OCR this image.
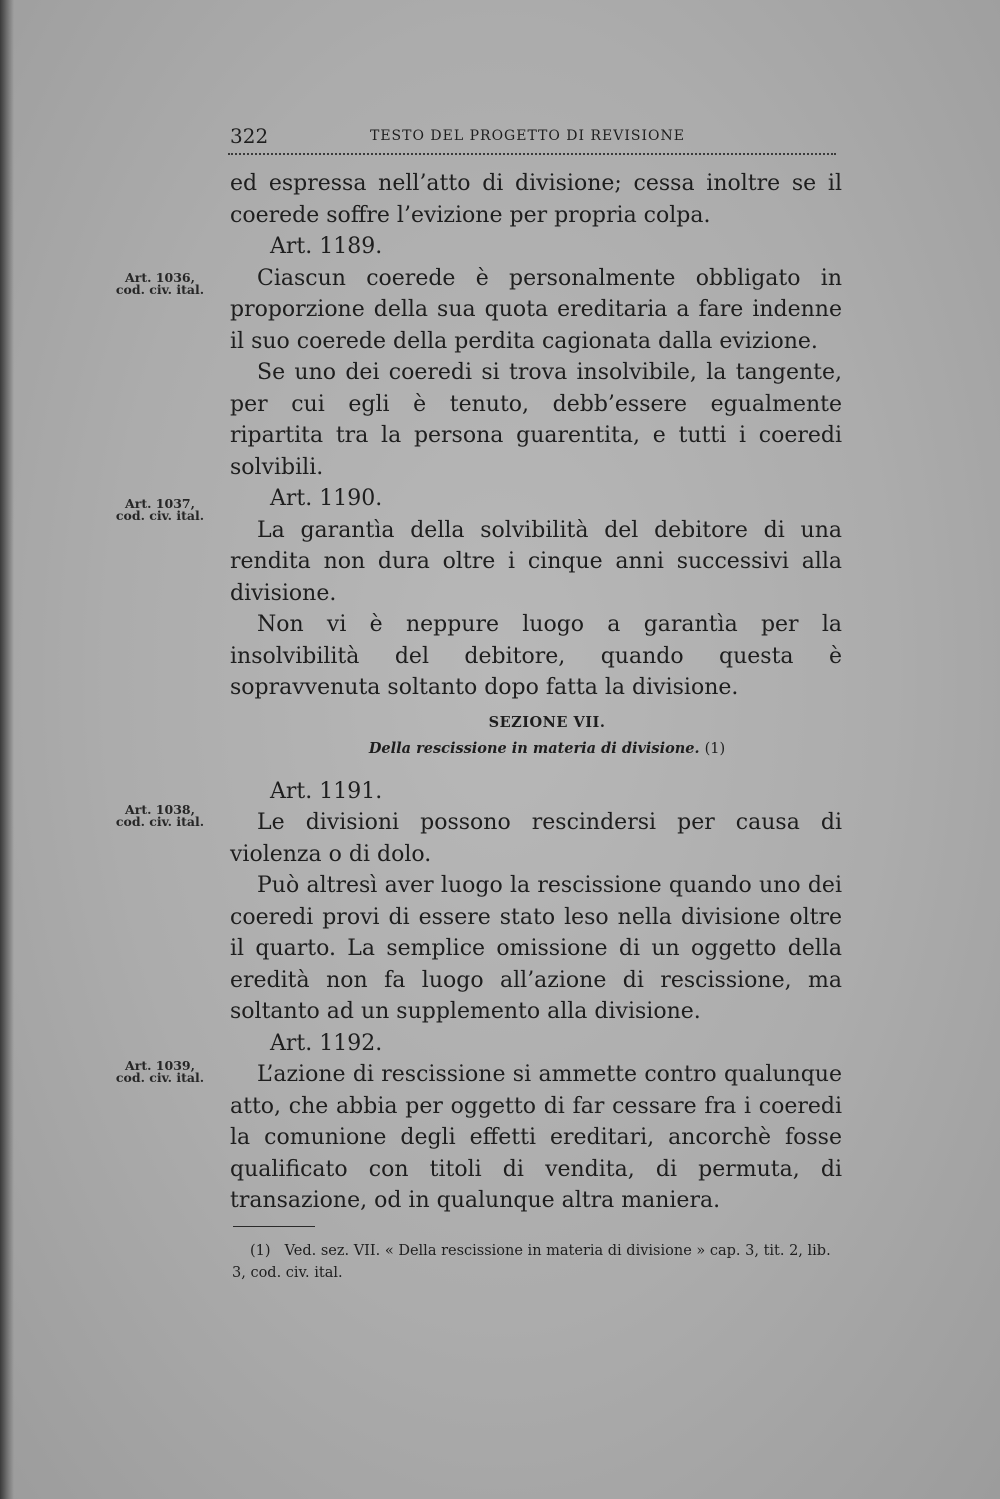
322	TESTO DEL PROGETTO DI REVISIONE
Art. 1036,
cod. civ. ital.
Art. 1037,
cod. civ. ital.
Art. 1038,
cod. civ. ital.
Art. 1039,
cod. civ. ital.

ed espressa nell’atto di divisione; cessa inoltre se il coerede soffre l’evizione per propria colpa.

Art. 1189.

Ciascun coerede è personalmente obbligato in proporzione della sua quota ereditaria a fare indenne il suo coerede della perdita cagionata dalla evizione.

Se uno dei coeredi si trova insolvibile, la tangente, per cui egli è tenuto, debb’essere egualmente ripartita tra la persona guarentita, e tutti i coeredi solvibili.

Art. 1190.

La garantìa della solvibilità del debitore di una rendita non dura oltre i cinque anni successivi alla divisione.

Non vi è neppure luogo a garantìa per la insolvibilità del debitore, quando questa è sopravvenuta soltanto dopo fatta la divisione.

SEZIONE VII.
Della rescissione in materia di divisione. (1)

Art. 1191.

Le divisioni possono rescindersi per causa di violenza o di dolo.

Può altresì aver luogo la rescissione quando uno dei coeredi provi di essere stato leso nella divisione oltre il quarto. La semplice omissione di un oggetto della eredità non fa luogo all’azione di rescissione, ma soltanto ad un supplemento alla divisione.

Art. 1192.

L’azione di rescissione si ammette contro qualunque atto, che abbia per oggetto di far cessare fra i coeredi la comunione degli effetti ereditari, ancorchè fosse qualificato con titoli di vendita, di permuta, di transazione, od in qualunque altra maniera.

(1) Ved. sez. VII. « Della rescissione in materia di divisione » cap. 3, tit. 2, lib. 3, cod. civ. ital.
